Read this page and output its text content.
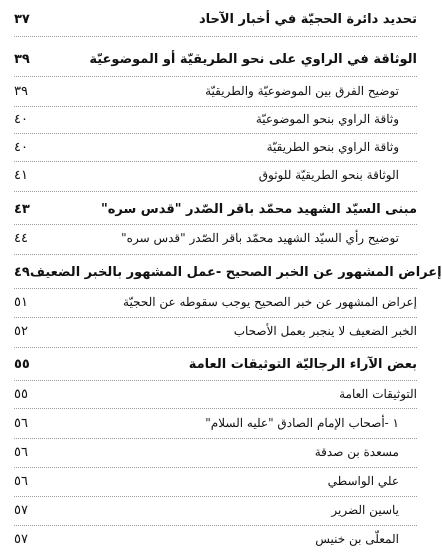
٣٧	تحديد دائرة الحجيّة في أخبار الآحاد
٣٩	الوثاقة في الراوي على نحو الطريقيّة أو الموضوعيّة
٣٩	توضيح الفرق بين الموضوعيّة والطريقيّة
٤٠	وثاقة الراوي بنحو الموضوعيّة
٤٠	وثاقة الراوي بنحو الطريقيّة
٤١	الوثاقة بنحو الطريقيّة للوثوق
٤٣	مبنى السيّد الشهيد محمّد باقر الصّدر "قدس سره"
٤٤	توضيح رأي السيّد الشهيد محمّد باقر الصّدر "قدس سره"
٤٩ إعراض المشهور عن الخبر الصحيح -عمل المشهور بالخبر الضعيف
٥١	إعراض المشهور عن خبر الصحيح يوجب سقوطه عن الحجيّة
٥٢	الخبر الضعيف لا ينجبر بعمل الأصحاب
٥٥	بعض الآراء الرجاليّة التوثيقات العامة
٥٥	التوثيقات العامة
٥٦	١ -أصحاب الإمام الصادق "عليه السلام"
٥٦	مسعدة بن صدقة
٥٦	علي الواسطي
٥٧	ياسين الضرير
٥٧	المعلّى بن خنيس
